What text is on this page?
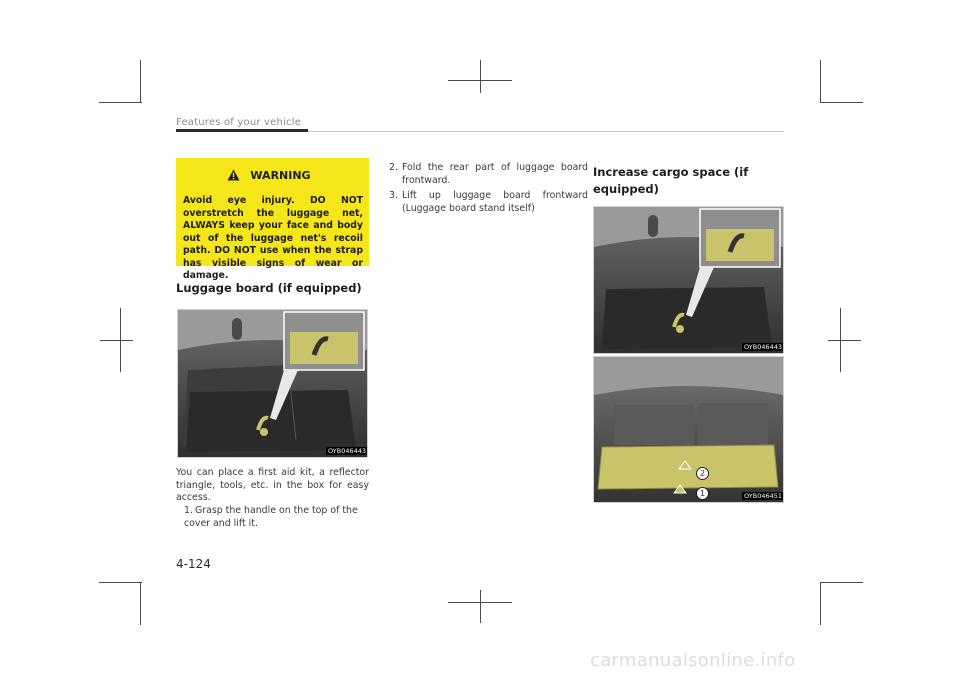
Features of your vehicle
WARNING
Avoid eye injury. DO NOT overstretch the luggage net, ALWAYS keep your face and body out of the luggage net's recoil path. DO NOT use when the strap has visible signs of wear or damage.
Luggage board (if equipped)
OYB046443
You can place a first aid kit, a reflector triangle, tools, etc. in the box for easy access.
1. Grasp the handle on the top of the cover and lift it.
2. Fold the rear part of luggage board frontward.
3. Lift up luggage board frontward (Luggage board stand itself)
Increase cargo space (if equipped)
OYB046443
2
1	OYB046451
4-124
carmanualsonline.info
